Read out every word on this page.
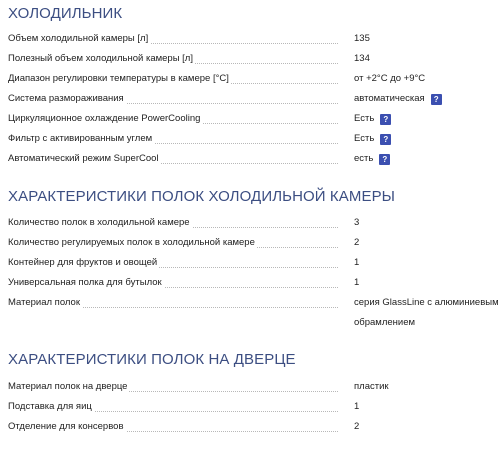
ХОЛОДИЛЬНИК
Объем холодильной камеры [л]	135
Полезный объем холодильной камеры [л]	134
Диапазон регулировки температуры в камере [°C]	от +2°C до +9°C
Система размораживания	автоматическая ?
Циркуляционное охлаждение PowerCooling	Есть ?
Фильтр с активированным углем	Есть ?
Автоматический режим SuperCool	есть ?
ХАРАКТЕРИСТИКИ ПОЛОК ХОЛОДИЛЬНОЙ КАМЕРЫ
Количество полок в холодильной камере	3
Количество регулируемых полок в холодильной камере	2
Контейнер для фруктов и овощей	1
Универсальная полка для бутылок	1
Материал полок	серия GlassLine с алюминиевым
обрамлением
ХАРАКТЕРИСТИКИ ПОЛОК НА ДВЕРЦЕ
Материал полок на дверце	пластик
Подставка для яиц	1
Отделение для консервов	2
